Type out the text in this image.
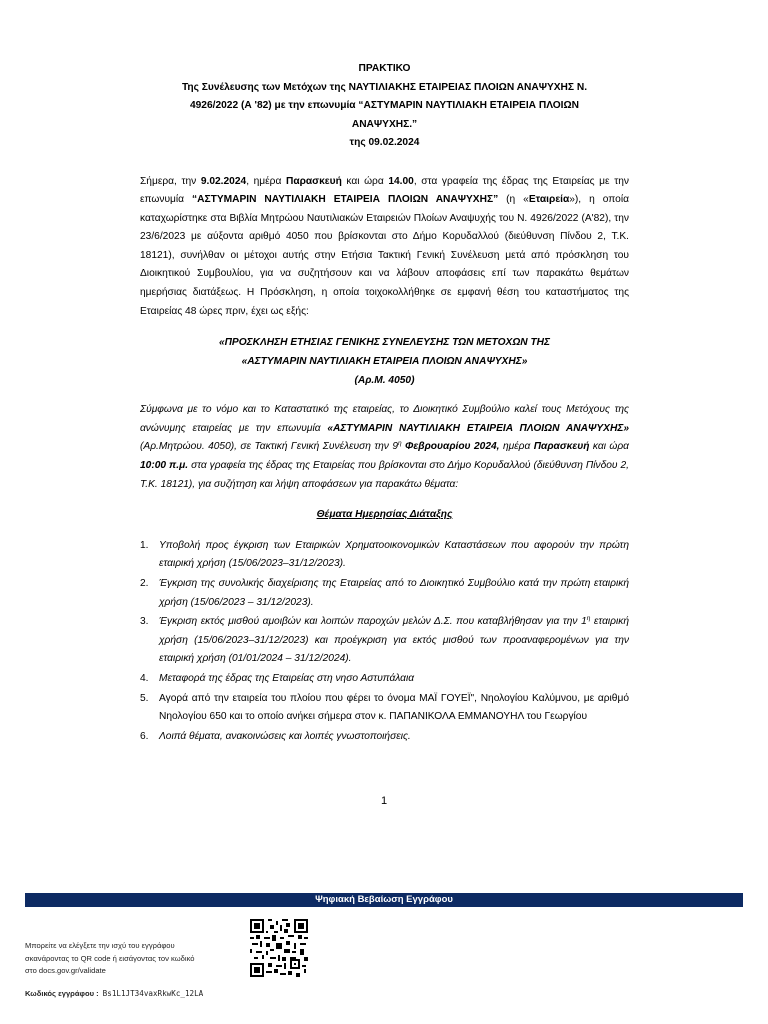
ΠΡΑΚΤΙΚΟ
Της Συνέλευσης των Μετόχων της ΝΑΥΤΙΛΙΑΚΗΣ ΕΤΑΙΡΕΙΑΣ ΠΛΟΙΩΝ ΑΝΑΨΥΧΗΣ Ν.
4926/2022 (Α '82) με την επωνυμία “ΑΣΤΥΜΑΡΙΝ ΝΑΥΤΙΛΙΑΚΗ ΕΤΑΙΡΕΙΑ ΠΛΟΙΩΝ
ΑΝΑΨΥΧΗΣ.”
της 09.02.2024

Σήμερα, την 9.02.2024, ημέρα Παρασκευή και ώρα 14.00, στα γραφεία της έδρας της Εταιρείας με την επωνυμία “ΑΣΤΥΜΑΡΙΝ ΝΑΥΤΙΛΙΑΚΗ ΕΤΑΙΡΕΙΑ ΠΛΟΙΩΝ ΑΝΑΨΥΧΗΣ” (η «Εταιρεία»), η οποία καταχωρίστηκε στα Βιβλία Μητρώου Ναυτιλιακών Εταιρειών Πλοίων Αναψυχής του Ν. 4926/2022 (Α'82), την 23/6/2023 με αύξοντα αριθμό 4050 που βρίσκονται στο Δήμο Κορυδαλλού (διεύθυνση Πίνδου 2, Τ.Κ. 18121), συνήλθαν οι μέτοχοι αυτής στην Ετήσια Τακτική Γενική Συνέλευση μετά από πρόσκληση του Διοικητικού Συμβουλίου, για να συζητήσουν και να λάβουν αποφάσεις επί των παρακάτω θεμάτων ημερήσιας διατάξεως. Η Πρόσκληση, η οποία τοιχοκολλήθηκε σε εμφανή θέση του καταστήματος της Εταιρείας 48 ώρες πριν, έχει ως εξής:

«ΠΡΟΣΚΛΗΣΗ ΕΤΗΣΙΑΣ ΓΕΝΙΚΗΣ ΣΥΝΕΛΕΥΣΗΣ ΤΩΝ ΜΕΤΟΧΩΝ ΤΗΣ
«ΑΣΤΥΜΑΡΙΝ ΝΑΥΤΙΛΙΑΚΗ ΕΤΑΙΡΕΙΑ ΠΛΟΙΩΝ ΑΝΑΨΥΧΗΣ»
(Αρ.Μ. 4050)

Σύμφωνα με το νόμο και το Καταστατικό της εταιρείας, το Διοικητικό Συμβούλιο καλεί τους Μετόχους της ανώνυμης εταιρείας με την επωνυμία «ΑΣΤΥΜΑΡΙΝ ΝΑΥΤΙΛΙΑΚΗ ΕΤΑΙΡΕΙΑ ΠΛΟΙΩΝ ΑΝΑΨΥΧΗΣ» (Αρ.Μητρώου. 4050), σε Τακτική Γενική Συνέλευση την $9^\eta$ Φεβρουαρίου 2024, ημέρα Παρασκευή και ώρα 10:00 π.μ. στα γραφεία της έδρας της Εταιρείας που βρίσκονται στο Δήμο Κορυδαλλού (διεύθυνση Πίνδου 2, Τ.Κ. 18121), για συζήτηση και λήψη αποφάσεων για παρακάτω θέματα:

Θέματα Ημερησίας Διάταξης
1. Υποβολή προς έγκριση των Εταιρικών Χρηματοοικονομικών Καταστάσεων που αφορούν την πρώτη εταιρική χρήση (15/06/2023–31/12/2023).
2. Έγκριση της συνολικής διαχείρισης της Εταιρείας από το Διοικητικό Συμβούλιο κατά την πρώτη εταιρική χρήση (15/06/2023 – 31/12/2023).
3. Έγκριση εκτός μισθού αμοιβών και λοιπών παροχών μελών Δ.Σ. που καταβλήθησαν για την $1^\eta$ εταιρική χρήση (15/06/2023–31/12/2023) και προέγκριση για εκτός μισθού των προαναφερομένων για την εταιρική χρήση (01/01/2024 – 31/12/2024).
4. Μεταφορά της έδρας της Εταιρείας στη νησο Αστυπάλαια
5. Αγορά από την εταιρεία του πλοίου που φέρει το όνομα ΜΑΪ ΓΟΥΕΪ", Νηολογίου Καλύμνου, με αριθμό Νηολογίου 650 και το οποίο ανήκει σήμερα στον κ. ΠΑΠΑΝΙΚΟΛΑ ΕΜΜΑΝΟΥΗΛ του Γεωργίου
6. Λοιπά θέματα, ανακοινώσεις και λοιπές γνωστοποιήσεις.
1
Ψηφιακή Βεβαίωση Εγγράφου
Μπορείτε να ελέγξετε την ισχύ του εγγράφου
σκανάροντας το QR code ή εισάγοντας τον κωδικό
στο docs.gov.gr/validate
Κωδικός εγγράφου : Bs1L1JT34vaxRkwKc_12LA
